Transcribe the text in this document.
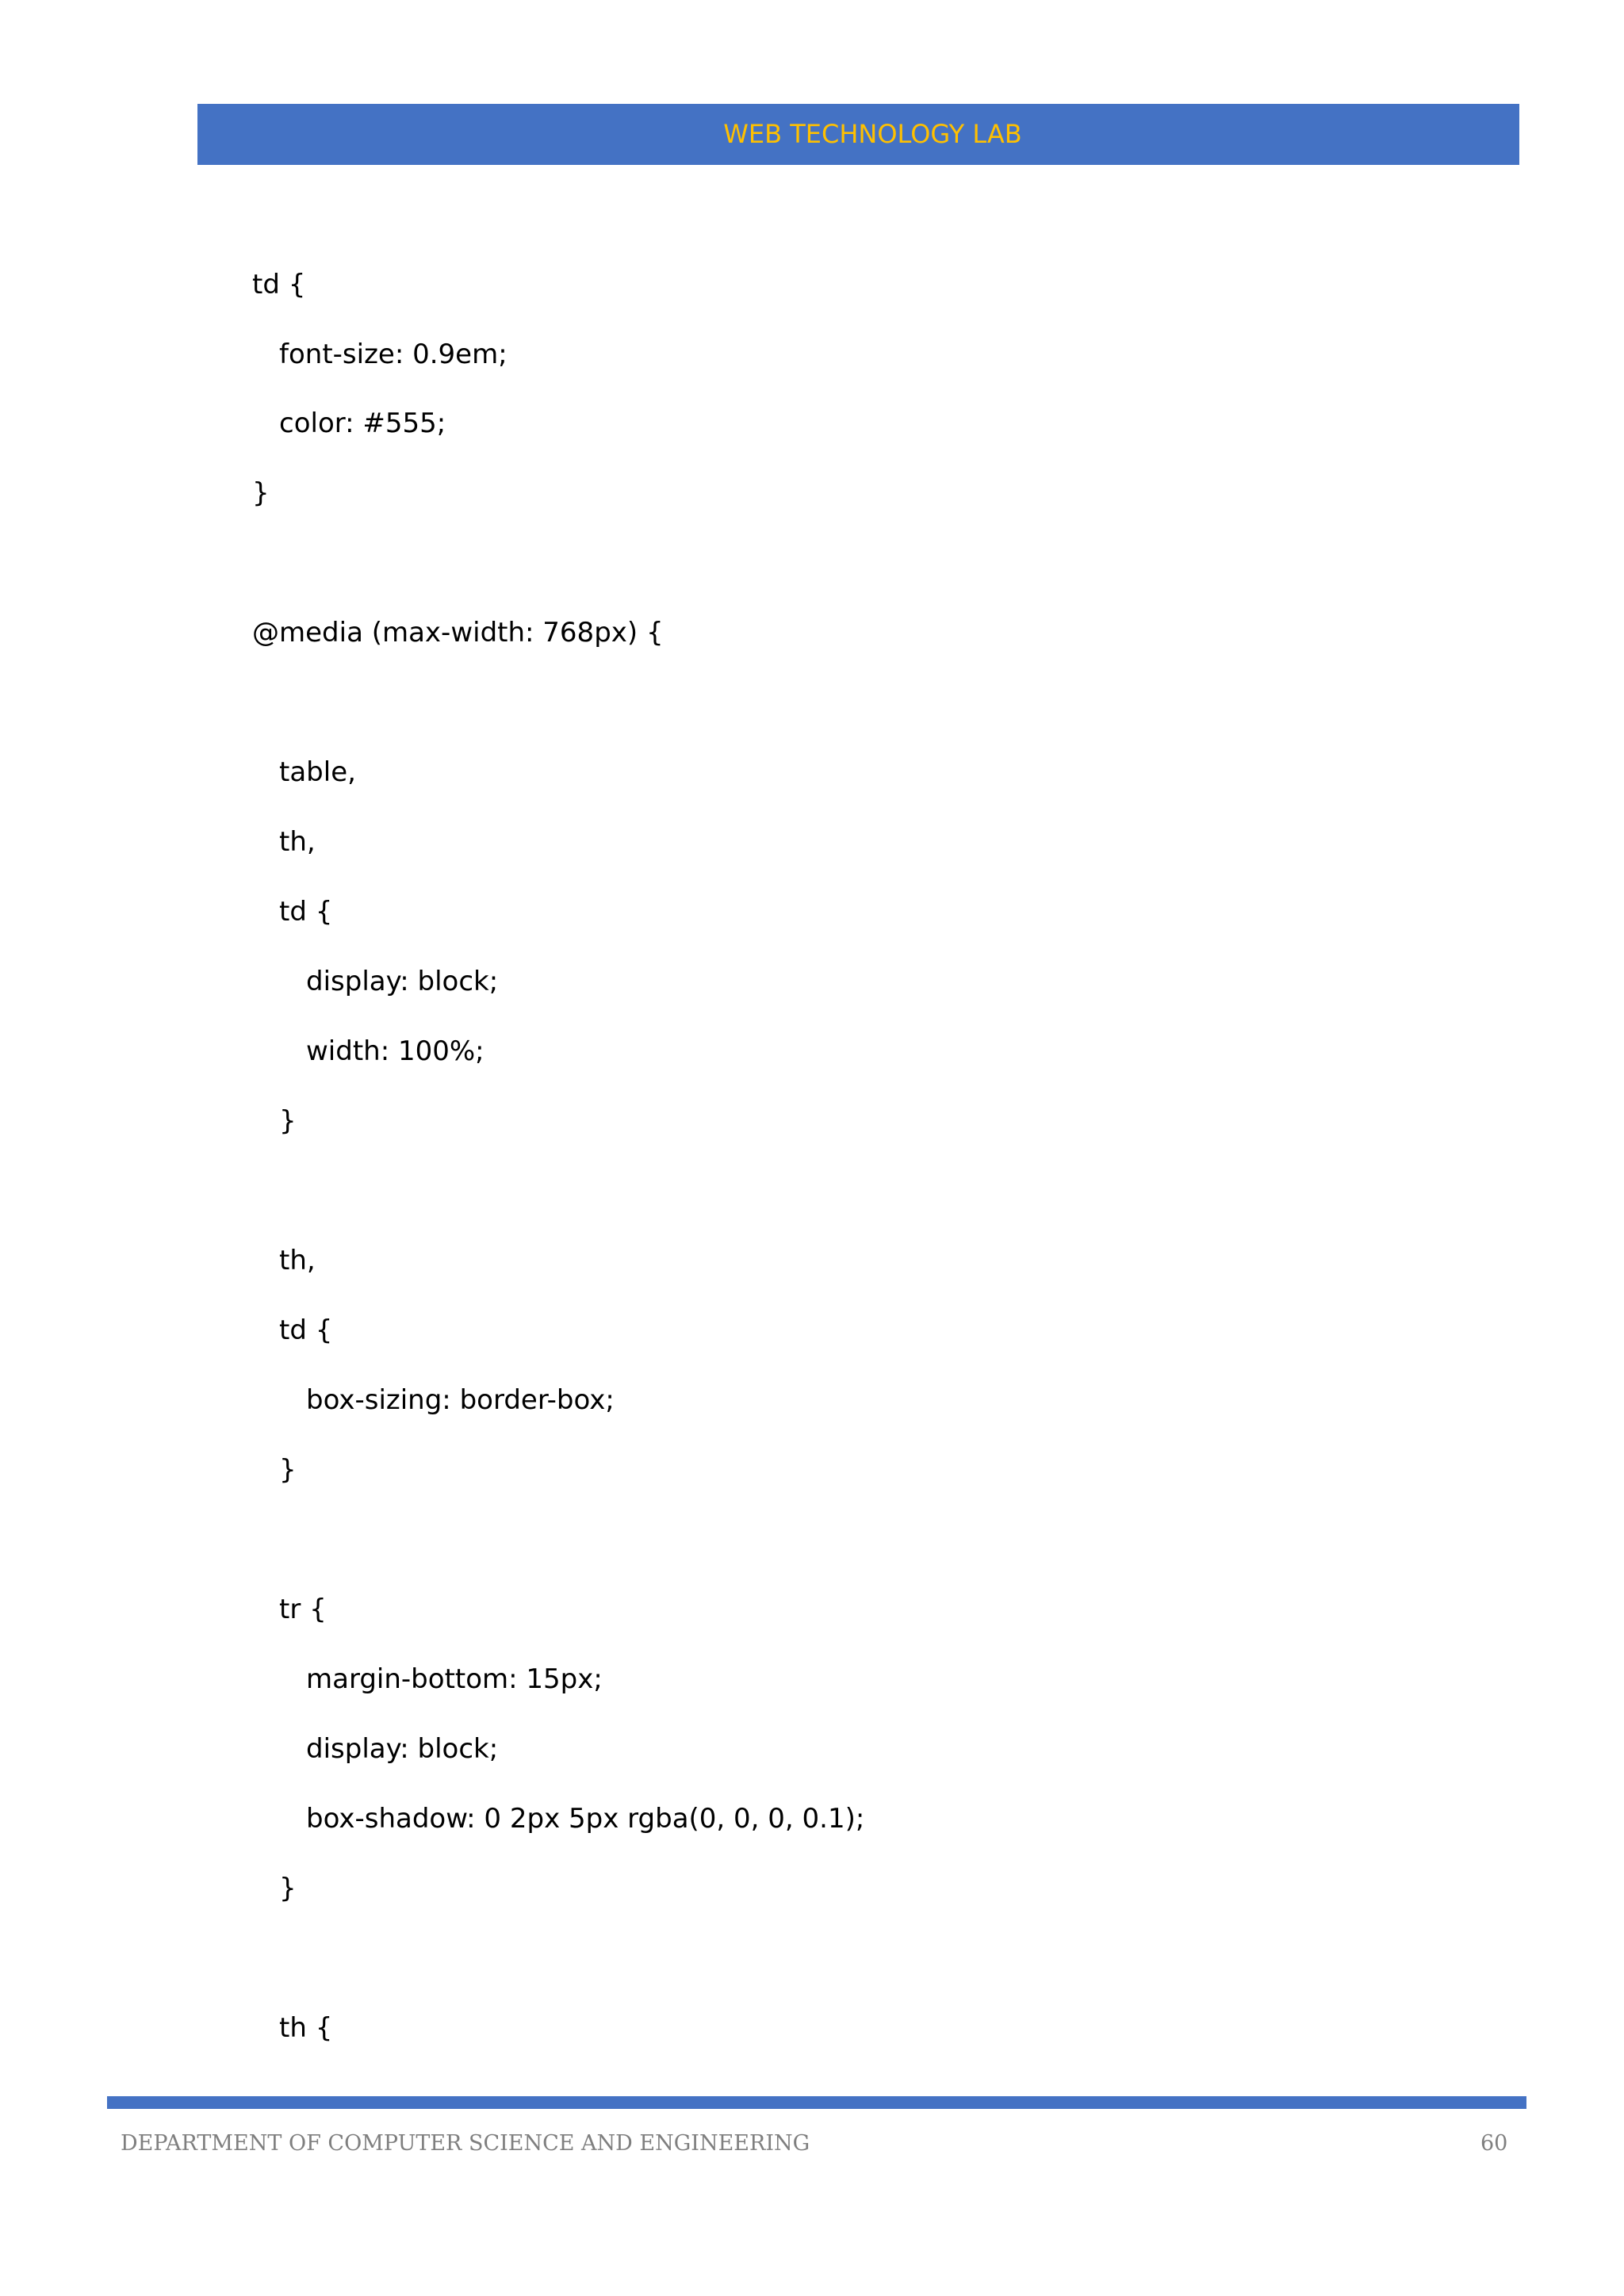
WEB TECHNOLOGY LAB
td {
font-size: 0.9em;
color: #555;
}
@media (max-width: 768px) {
table,
th,
td {
display: block;
width: 100%;
}
th,
td {
box-sizing: border-box;
}
tr {
margin-bottom: 15px;
display: block;
box-shadow: 0 2px 5px rgba(0, 0, 0, 0.1);
}
th {
DEPARTMENT OF COMPUTER SCIENCE AND ENGINEERING	60
